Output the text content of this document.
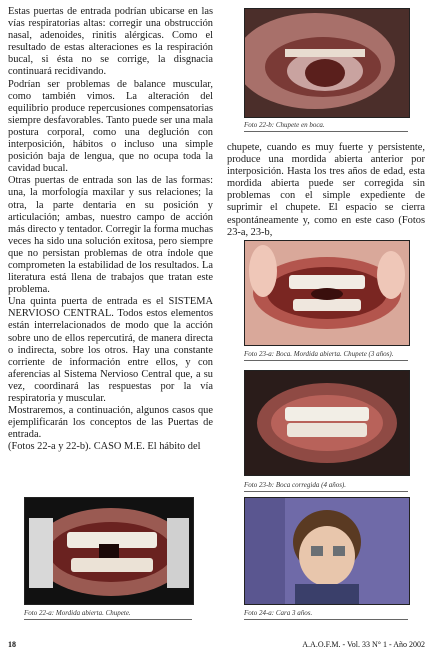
Estas puertas de entrada podrían ubicarse en las vías respiratorias altas: corregir una obstrucción nasal, adenoides, rinitis alérgicas. Como el resultado de estas alteraciones es la respiración bucal, si ésta no se corrige, la disgnacia continuará recidivando.

Podrían ser problemas de balance muscular, como también vimos. La alteración del equilibrio produce repercusiones compensatorias siempre desfavorables. Tanto puede ser una mala postura corporal, como una deglución con interposición, hábitos o incluso una simple posición baja de lengua, que no ocupa toda la cavidad bucal.

Otras puertas de entrada son las de las formas: una, la morfología maxilar y sus relaciones; la otra, la parte dentaria en su posición y articulación; ambas, nuestro campo de acción más directo y tentador. Corregir la forma muchas veces ha sido una solución exitosa, pero siempre que no persistan problemas de otra índole que comprometen la estabilidad de los resultados. La literatura está llena de trabajos que tratan este problema.

Una quinta puerta de entrada es el SISTEMA NERVIOSO CENTRAL. Todos estos elementos están interrelacionados de modo que la acción sobre uno de ellos repercutirá, de manera directa o indirecta, sobre los otros. Hay una constante corriente de información entre ellos, y con aferencias al Sistema Nervioso Central que, a su vez, coordinará las respuestas por la vía respiratoria y muscular.

Mostraremos, a continuación, algunos casos que ejemplificarán los conceptos de las Puertas de entrada.

(Fotos 22-a y 22-b). CASO M.E. El hábito del

Foto 22-b: Chupete en boca.

chupete, cuando es muy fuerte y persistente, produce una mordida abierta anterior por interposición. Hasta los tres años de edad, esta mordida abierta puede ser corregida sin problemas con el simple expediente de suprimir el chupete. El espacio se cierra espontáneamente y, como en este caso (Fotos 23-a, 23-b,

Foto 23-a: Boca. Mordida abierta. Chupete (3 años).
Foto 23-b: Boca corregida (4 años).
Foto 22-a: Mordida abierta. Chupete.	Foto 24-a: Cara 3 años.
18	A.A.O.F.M. - Vol. 33 N° 1 - Año 2002
